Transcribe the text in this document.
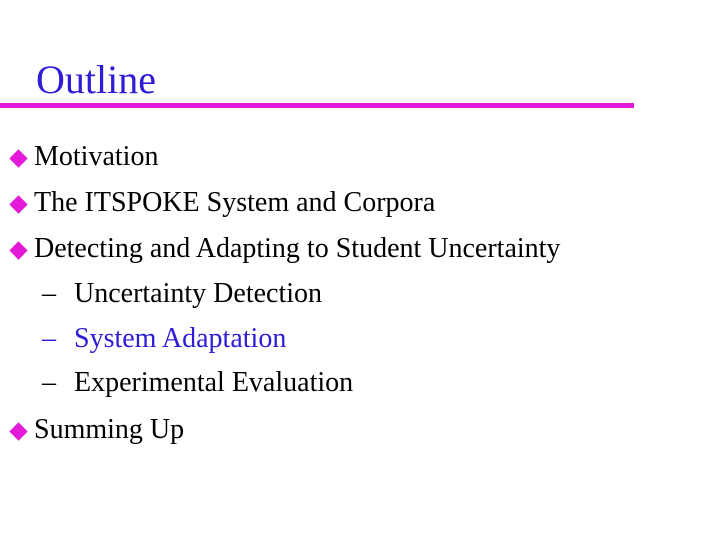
Outline
Motivation
The ITSPOKE System and Corpora
Detecting and Adapting to Student Uncertainty
– Uncertainty Detection
– System Adaptation
– Experimental Evaluation
Summing Up
